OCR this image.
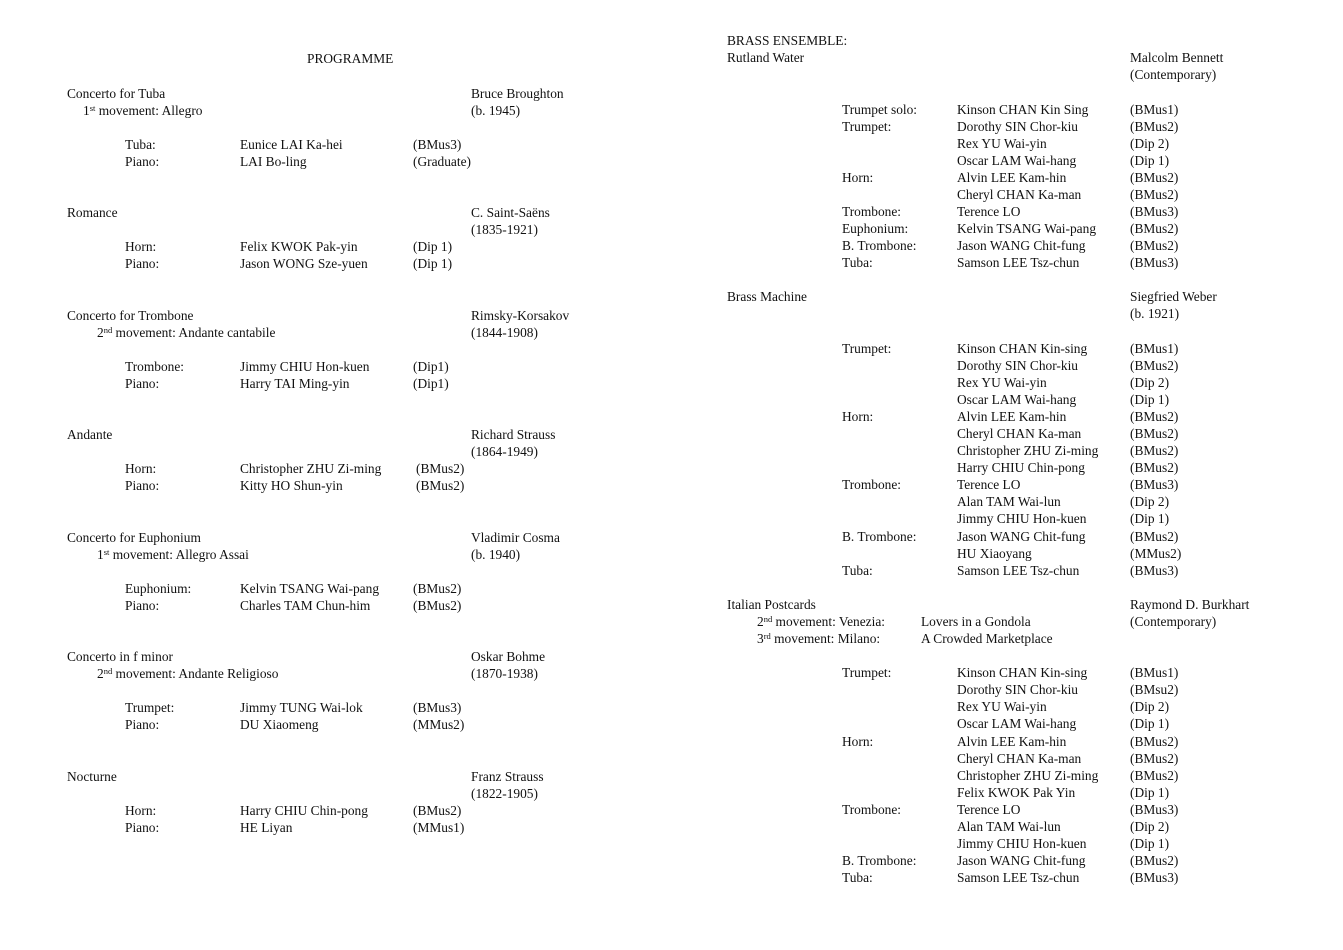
PROGRAMME
Concerto for Tuba
1st movement: Allegro
Bruce Broughton
(b. 1945)
Tuba:	Eunice LAI Ka-hei	(BMus3)
Piano:	LAI Bo-ling	(Graduate)
Romance	C. Saint-Saëns
(1835-1921)
Horn:	Felix KWOK Pak-yin	(Dip 1)
Piano:	Jason WONG Sze-yuen	(Dip 1)
Concerto for Trombone
2nd movement: Andante cantabile
Rimsky-Korsakov
(1844-1908)
Trombone:	Jimmy CHIU Hon-kuen	(Dip1)
Piano:	Harry TAI Ming-yin	(Dip1)
Andante	Richard Strauss
(1864-1949)
Horn:	Christopher ZHU Zi-ming	(BMus2)
Piano:	Kitty HO Shun-yin	(BMus2)
Concerto for Euphonium
1st movement: Allegro Assai
Vladimir Cosma
(b. 1940)
Euphonium:	Kelvin TSANG Wai-pang	(BMus2)
Piano:	Charles TAM Chun-him	(BMus2)
Concerto in f minor
2nd movement: Andante Religioso
Oskar Bohme
(1870-1938)
Trumpet:	Jimmy TUNG Wai-lok	(BMus3)
Piano:	DU Xiaomeng	(MMus2)
Nocturne	Franz Strauss
(1822-1905)
Horn:	Harry CHIU Chin-pong	(BMus2)
Piano:	HE Liyan	(MMus1)
BRASS ENSEMBLE:
Rutland Water	Malcolm Bennett
(Contemporary)
Trumpet solo:	Kinson CHAN Kin Sing	(BMus1)
Trumpet:	Dorothy SIN Chor-kiu	(BMus2)
Rex YU Wai-yin	(Dip 2)
Oscar LAM Wai-hang	(Dip 1)
Horn:	Alvin LEE Kam-hin	(BMus2)
Cheryl CHAN Ka-man	(BMus2)
Trombone:	Terence LO	(BMus3)
Euphonium:	Kelvin TSANG Wai-pang	(BMus2)
B. Trombone:	Jason WANG Chit-fung	(BMus2)
Tuba:	Samson LEE Tsz-chun	(BMus3)
Brass Machine	Siegfried Weber
(b. 1921)
Trumpet:	Kinson CHAN Kin-sing	(BMus1)
Dorothy SIN Chor-kiu	(BMus2)
Rex YU Wai-yin	(Dip 2)
Oscar LAM Wai-hang	(Dip 1)
Horn:	Alvin LEE Kam-hin	(BMus2)
Cheryl CHAN Ka-man	(BMus2)
Christopher ZHU Zi-ming (BMus2)
Harry CHIU Chin-pong	(BMus2)
Trombone:	Terence LO	(BMus3)
Alan TAM Wai-lun	(Dip 2)
Jimmy CHIU Hon-kuen	(Dip 1)
B. Trombone:	Jason WANG Chit-fung	(BMus2)
HU Xiaoyang	(MMus2)
Tuba:	Samson LEE Tsz-chun	(BMus3)
Italian Postcards	Raymond D. Burkhart
(Contemporary)
2nd movement: Venezia:	Lovers in a Gondola
3rd movement: Milano:	A Crowded Marketplace
Trumpet:	Kinson CHAN Kin-sing	(BMus1)
Dorothy SIN Chor-kiu	(BMsu2)
Rex YU Wai-yin	(Dip 2)
Oscar LAM Wai-hang	(Dip 1)
Horn:	Alvin LEE Kam-hin	(BMus2)
Cheryl CHAN Ka-man	(BMus2)
Christopher ZHU Zi-ming (BMus2)
Felix KWOK Pak Yin	(Dip 1)
Trombone:	Terence LO	(BMus3)
Alan TAM Wai-lun	(Dip 2)
Jimmy CHIU Hon-kuen	(Dip 1)
B. Trombone:	Jason WANG Chit-fung	(BMus2)
Tuba:	Samson LEE Tsz-chun	(BMus3)
